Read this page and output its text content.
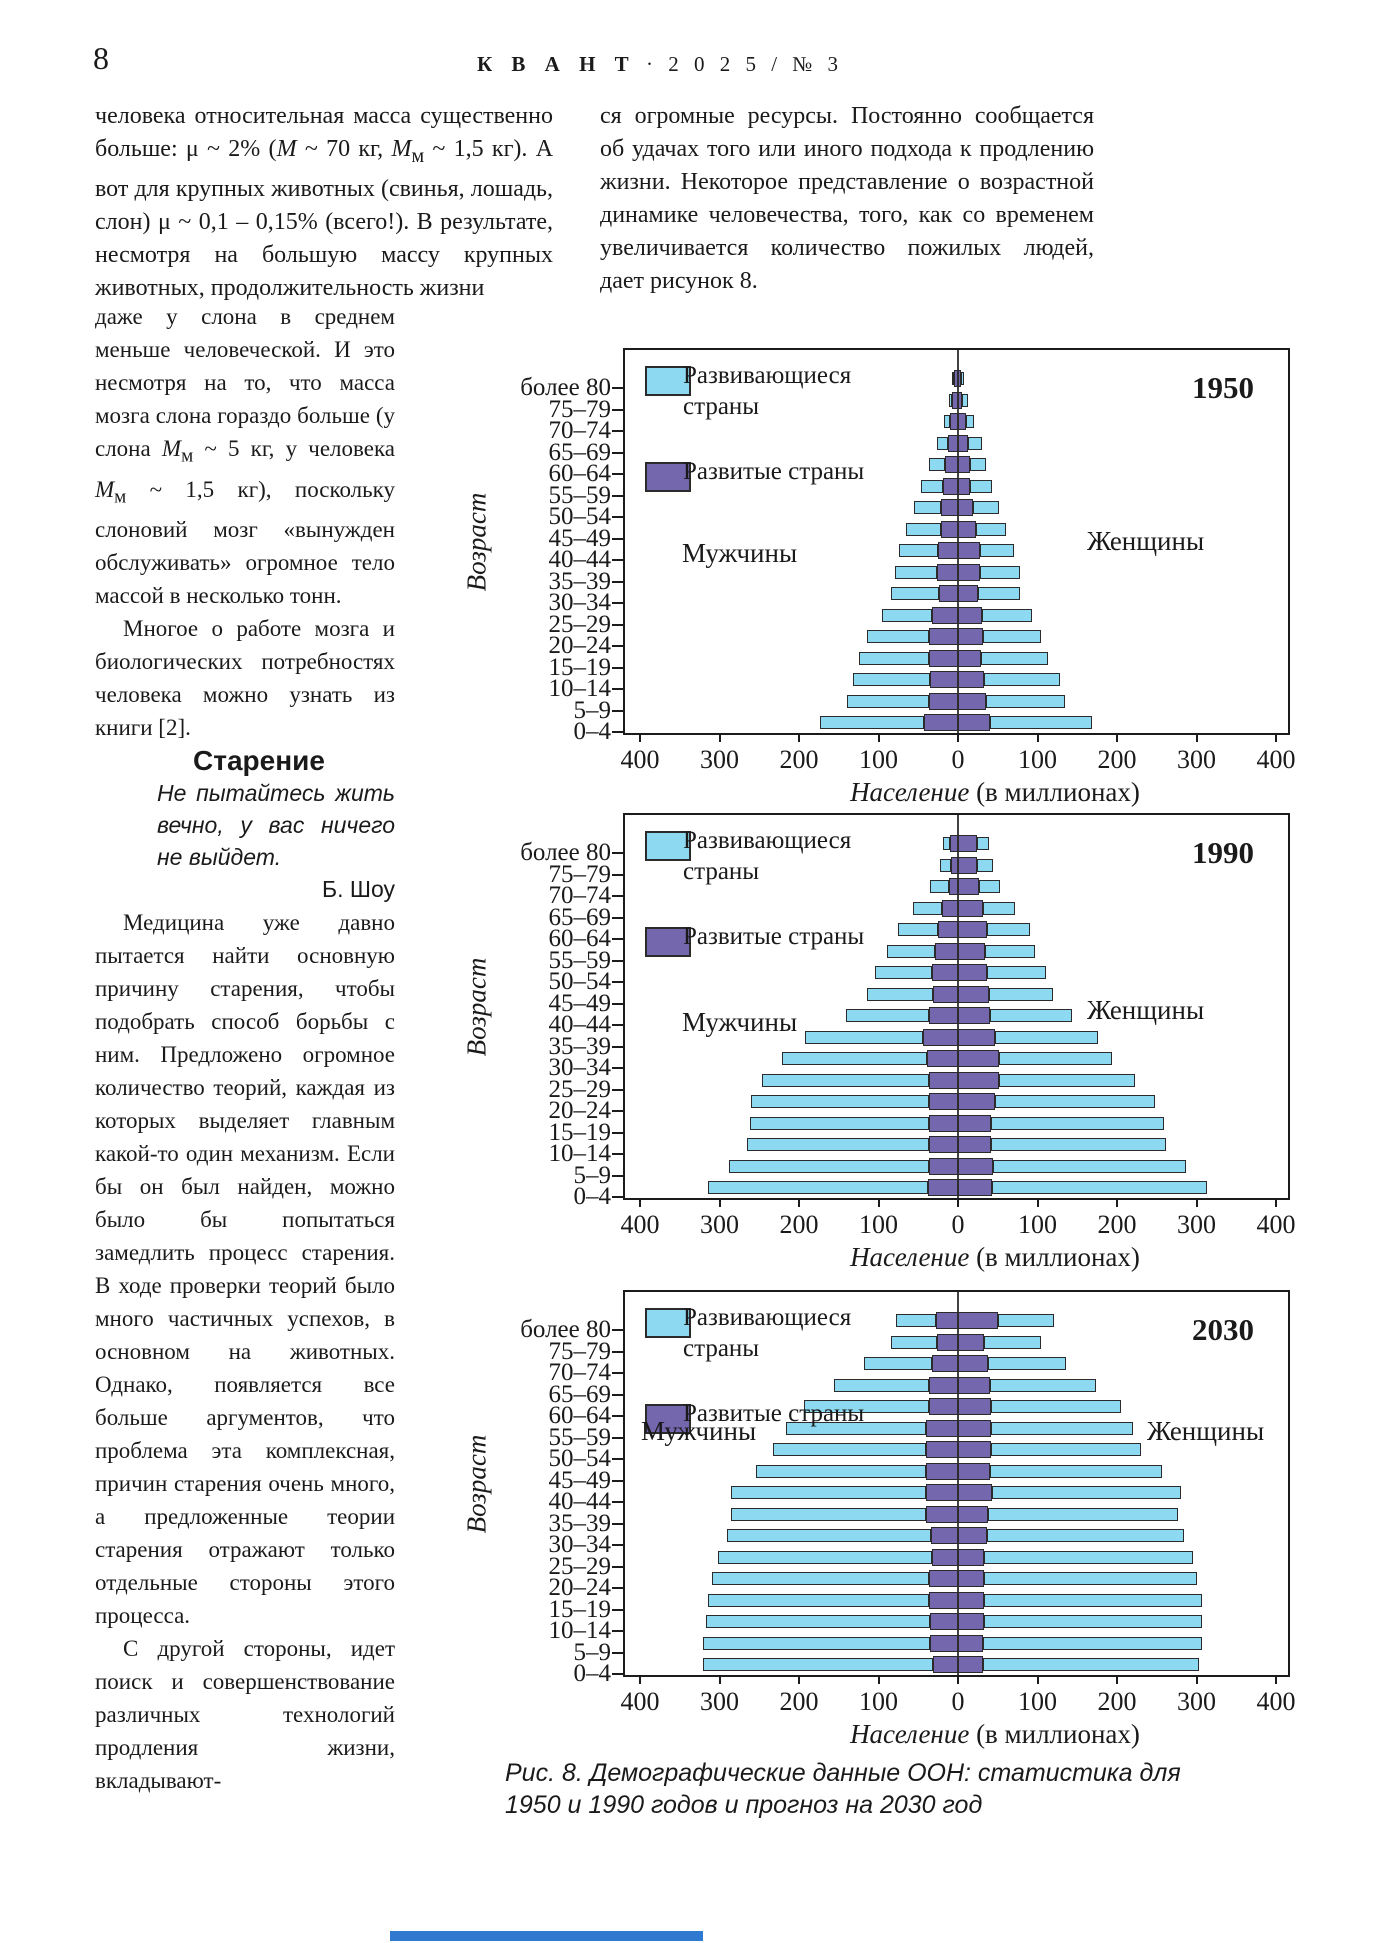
8	К В А Н Т · 2 0 2 5 / № 3
человека относительная масса существенно больше: μ ~ 2% (M ~ 70 кг, $M_м$ ~ 1,5 кг). А вот для крупных животных (свинья, лошадь, слон) μ ~ 0,1 – 0,15% (всего!). В результате, несмотря на большую массу крупных животных, продолжительность жизни
ся огромные ресурсы. Постоянно сообщается об удачах того или иного подхода к продлению жизни. Некоторое представление о возрастной динамике человечества, того, как со временем увеличивается количество пожилых людей, дает рисунок 8.

даже у слона в среднем меньше человеческой. И это несмотря на то, что масса мозга слона гораздо больше (у слона $M_м$ ~ 5 кг, у человека $M_м$ ~ 1,5 кг), поскольку слоновий мозг «вынужден обслуживать» огромное тело массой в несколько тонн.

Многое о работе мозга и биологических потребностях человека можно узнать из книги [2].

Старение

Не пытайтесь жить вечно, у вас ничего не выйдет.

Б. Шоу

Медицина уже давно пытается найти основную причину старения, чтобы подобрать способ борьбы с ним. Предложено огромное количество теорий, каждая из которых выделяет главным какой-то один механизм. Если бы он был найден, можно было бы попытаться замедлить процесс старения. В ходе проверки теорий было много частичных успехов, в основном на животных. Однако, появляется все больше аргументов, что проблема эта комплексная, причин старения очень много, а предложенные теории старения отражают только отдельные стороны этого процесса.

С другой стороны, идет поиск и совершенствование различных технологий продления жизни, вкладывают-

Возраст
Развивающиеся страны
Развитые страны
1950
Мужчины	Женщины
0–4
5–9
10–14
15–19
20–24
25–29
30–34
35–39
40–44
45–49
50–54
55–59
60–64
65–69
70–74
75–79
более 80
400	300	200	100	0	100	200	300	400
Население (в миллионах)
Возраст
Развивающиеся страны
Развитые страны
1990
Мужчины	Женщины
0–4
5–9
10–14
15–19
20–24
25–29
30–34
35–39
40–44
45–49
50–54
55–59
60–64
65–69
70–74
75–79
более 80
400	300	200	100	0	100	200	300	400
Население (в миллионах)
Возраст
Развивающиеся страны
Развитые страны
2030
Мужчины	Женщины
0–4
5–9
10–14
15–19
20–24
25–29
30–34
35–39
40–44
45–49
50–54
55–59
60–64
65–69
70–74
75–79
более 80
400	300	200	100	0	100	200	300	400
Население (в миллионах)
Рис. 8. Демографические данные ООН: статистика для 1950 и 1990 годов и прогноз на 2030 год
